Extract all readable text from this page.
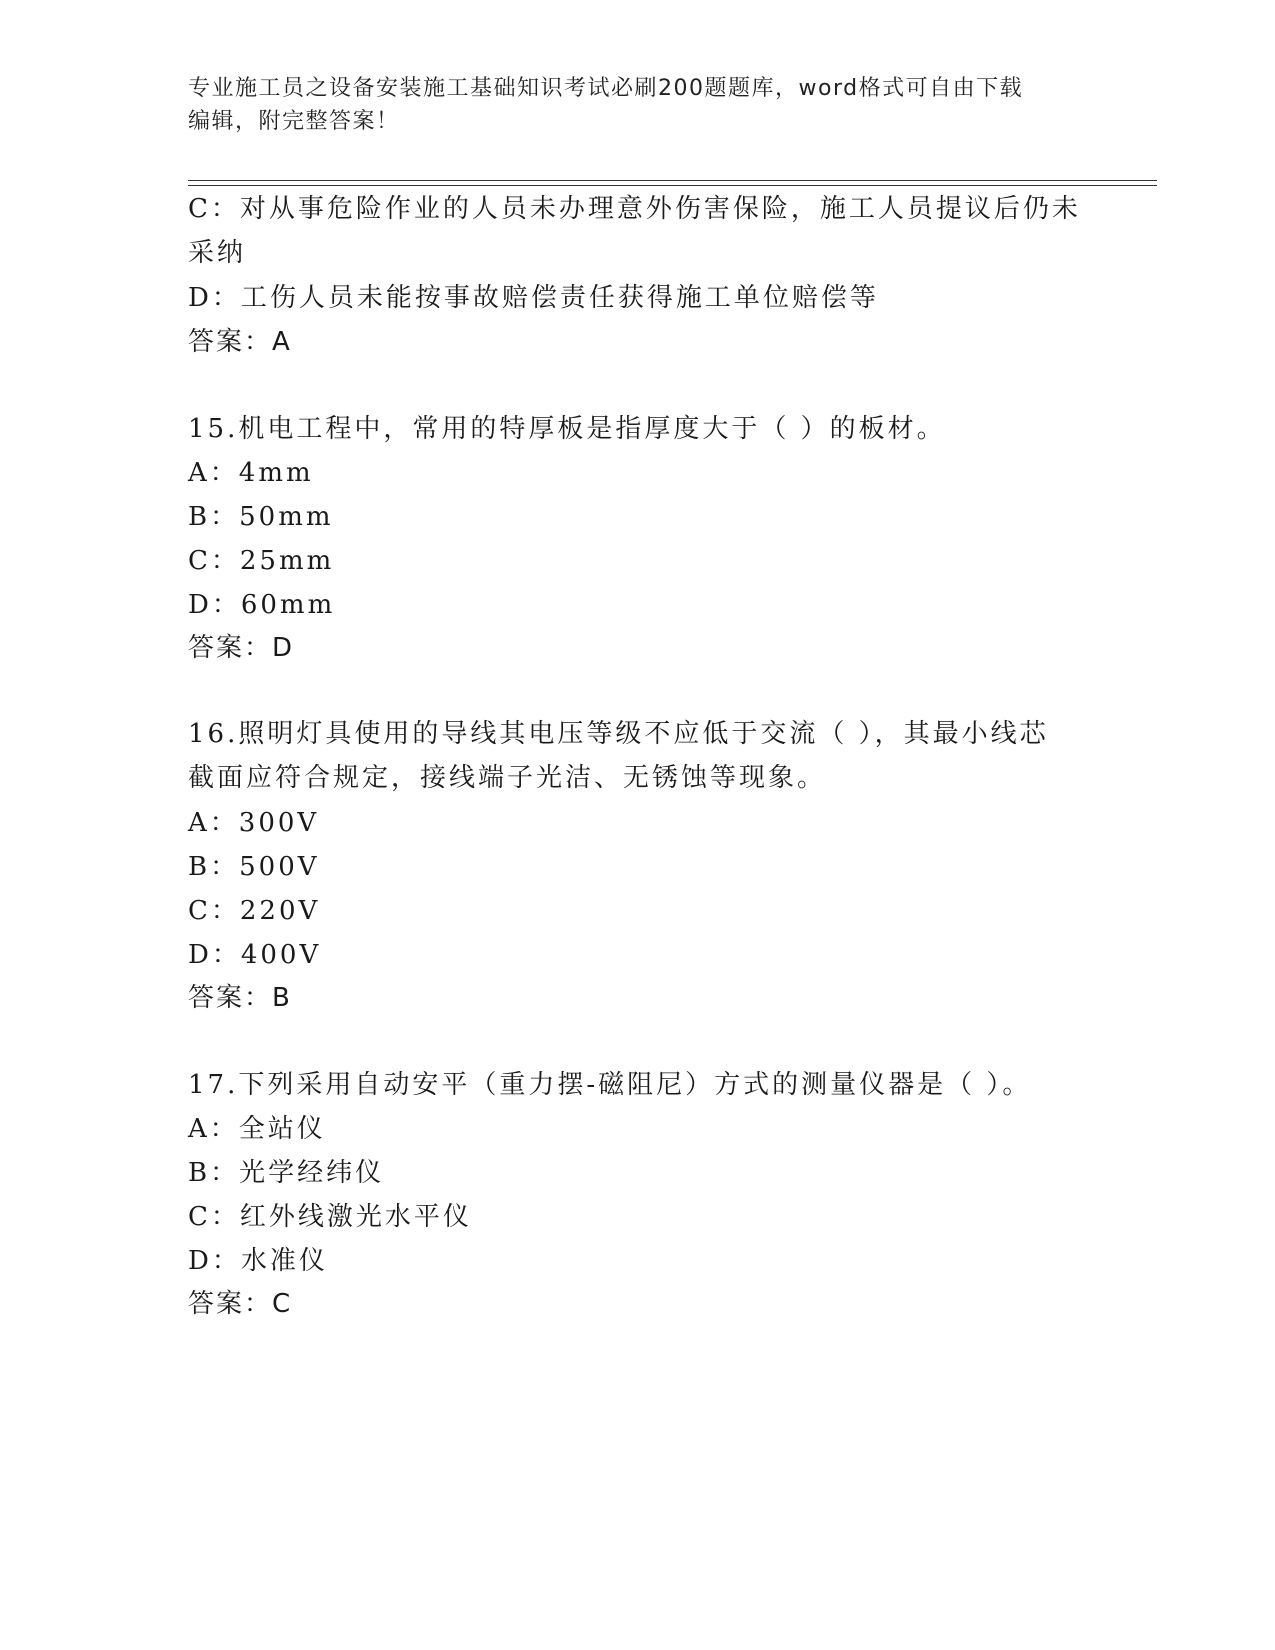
专业施工员之设备安装施工基础知识考试必刷200题题库，word格式可自由下载
编辑，附完整答案！
C：对从事危险作业的人员未办理意外伤害保险，施工人员提议后仍未
采纳
D：工伤人员未能按事故赔偿责任获得施工单位赔偿等
答案：A
15.机电工程中，常用的特厚板是指厚度大于（ ）的板材。
A：4mm
B：50mm
C：25mm
D：60mm
答案：D
16.照明灯具使用的导线其电压等级不应低于交流（ ），其最小线芯
截面应符合规定，接线端子光洁、无锈蚀等现象。
A：300V
B：500V
C：220V
D：400V
答案：B
17.下列采用自动安平（重力摆-磁阻尼）方式的测量仪器是（ ）。
A：全站仪
B：光学经纬仪
C：红外线激光水平仪
D：水准仪
答案：C
